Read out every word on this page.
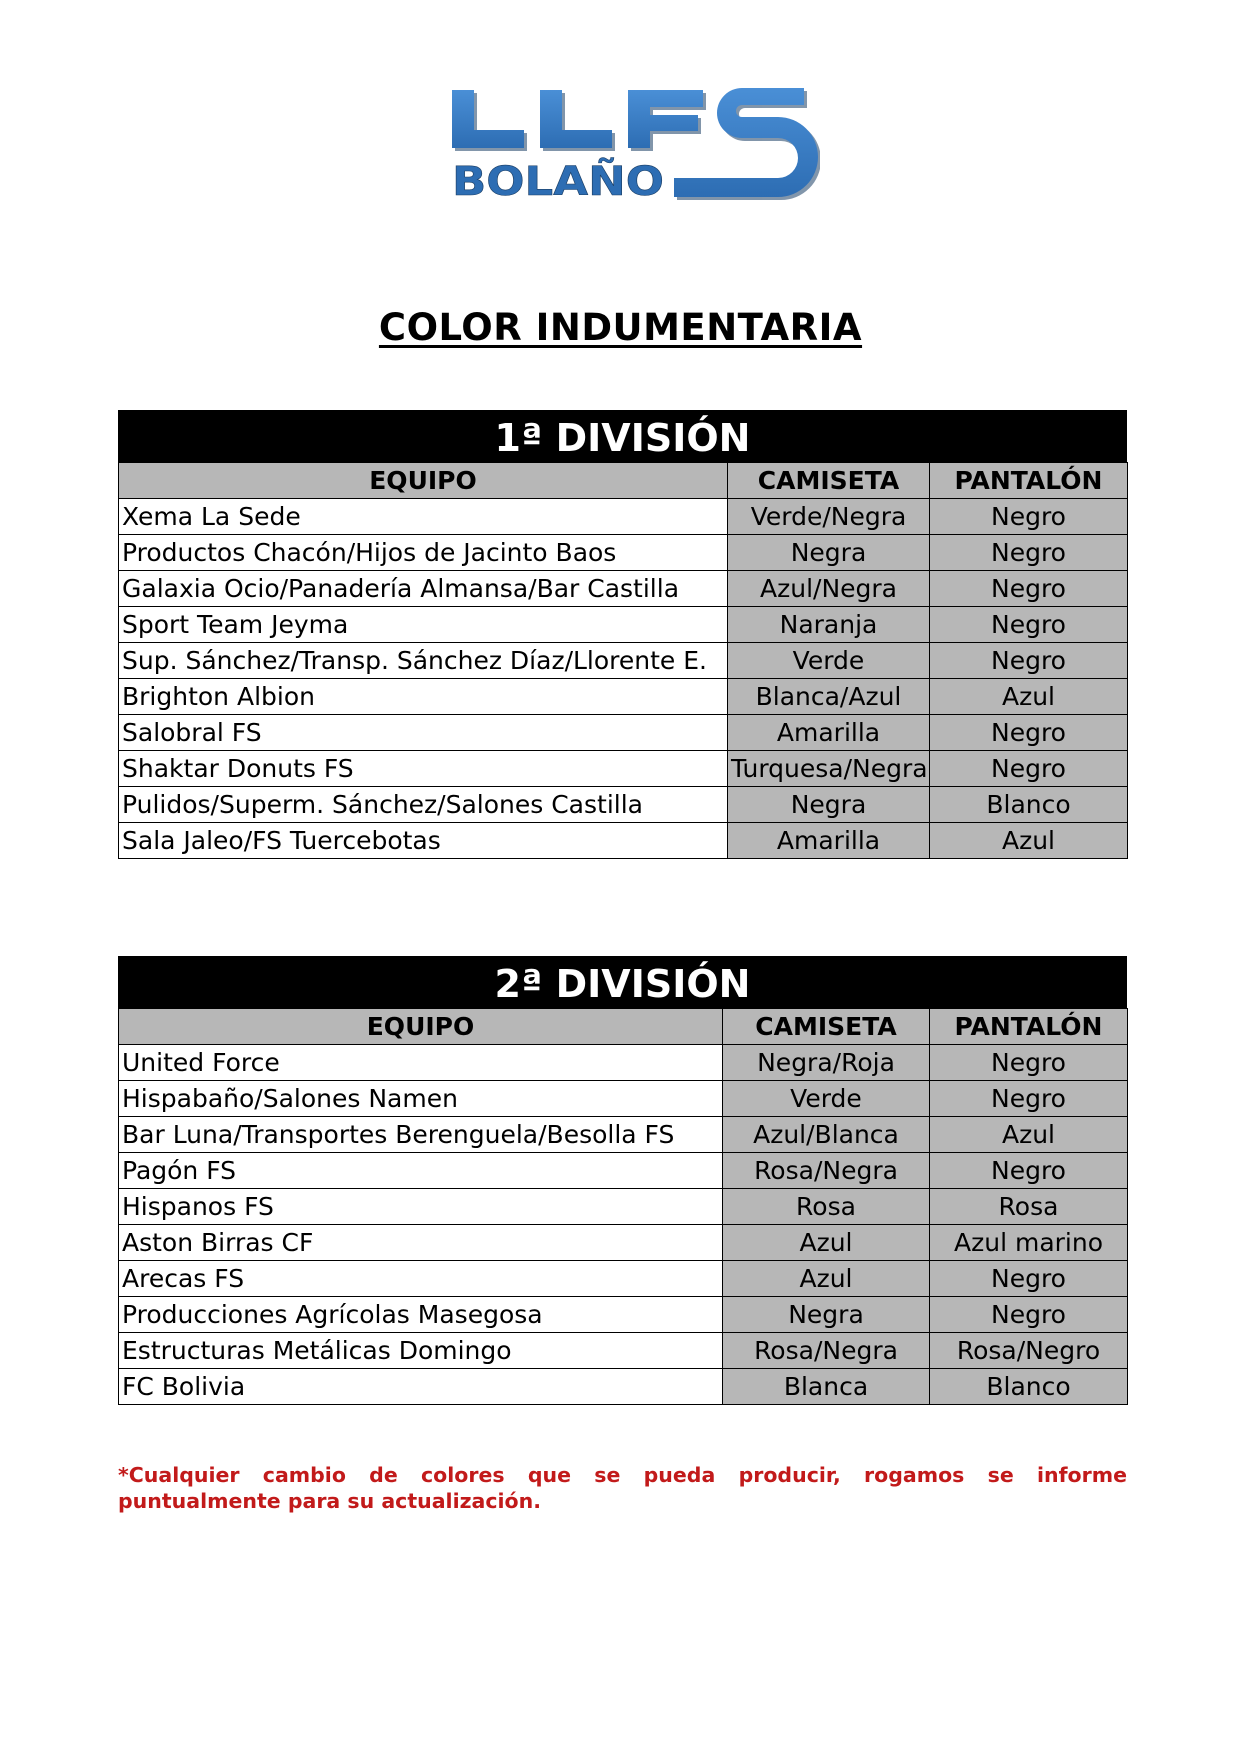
BOLAÑO
COLOR INDUMENTARIA
1ª DIVISIÓN
EQUIPO	CAMISETA	PANTALÓN
Xema La Sede	Verde/Negra	Negro
Productos Chacón/Hijos de Jacinto Baos	Negra	Negro
Galaxia Ocio/Panadería Almansa/Bar Castilla	Azul/Negra	Negro
Sport Team Jeyma	Naranja	Negro
Sup. Sánchez/Transp. Sánchez Díaz/Llorente E.	Verde	Negro
Brighton Albion	Blanca/Azul	Azul
Salobral FS	Amarilla	Negro
Shaktar Donuts FS	Turquesa/Negra	Negro
Pulidos/Superm. Sánchez/Salones Castilla	Negra	Blanco
Sala Jaleo/FS Tuercebotas	Amarilla	Azul
2ª DIVISIÓN
EQUIPO	CAMISETA	PANTALÓN
United Force	Negra/Roja	Negro
Hispabaño/Salones Namen	Verde	Negro
Bar Luna/Transportes Berenguela/Besolla FS	Azul/Blanca	Azul
Pagón FS	Rosa/Negra	Negro
Hispanos FS	Rosa	Rosa
Aston Birras CF	Azul	Azul marino
Arecas FS	Azul	Negro
Producciones Agrícolas Masegosa	Negra	Negro
Estructuras Metálicas Domingo	Rosa/Negra	Rosa/Negro
FC Bolivia	Blanca	Blanco
*Cualquier cambio de colores que se pueda producir, rogamos se informe puntualmente para su actualización.
